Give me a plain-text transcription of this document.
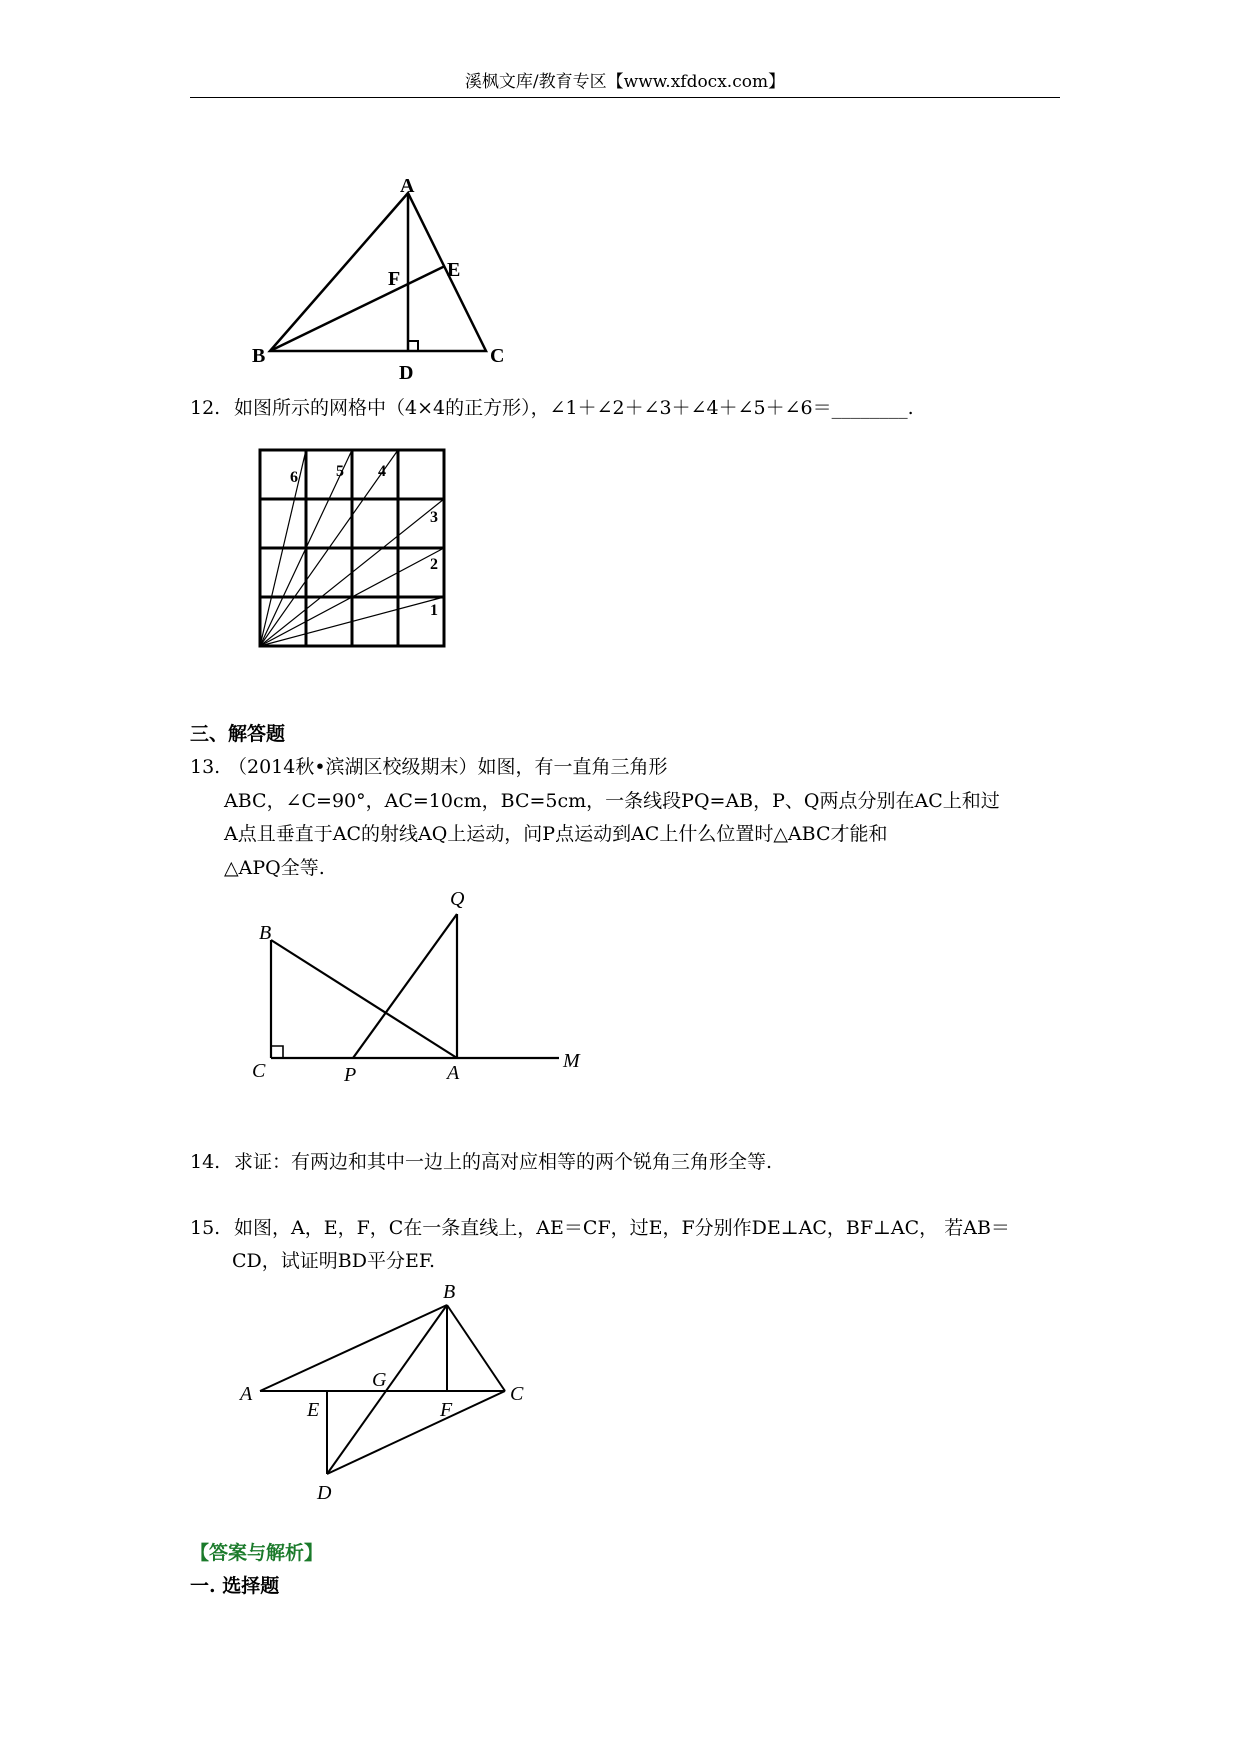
溪枫文库/教育专区【www.xfdocx.com】
A
B	C
D
E
F
12. 如图所示的网格中（4×4的正方形），∠1＋∠2＋∠3＋∠4＋∠5＋∠6＝________.
1
2
3
4
5
6
三、解答题
13. （2014秋•滨湖区校级期末）如图，有一直角三角形
ABC，∠C=90°，AC=10cm，BC=5cm，一条线段PQ=AB，P、Q两点分别在AC上和过
A点且垂直于AC的射线AQ上运动，问P点运动到AC上什么位置时△ABC才能和
△APQ全等.
Q
B
C	P	A
M
14. 求证：有两边和其中一边上的高对应相等的两个锐角三角形全等.
15. 如图，A，E，F，C在一条直线上，AE＝CF，过E，F分别作DE⊥AC，BF⊥AC， 若AB＝
CD，试证明BD平分EF.
B
A	C
E	F
G
D
【答案与解析】
一. 选择题
